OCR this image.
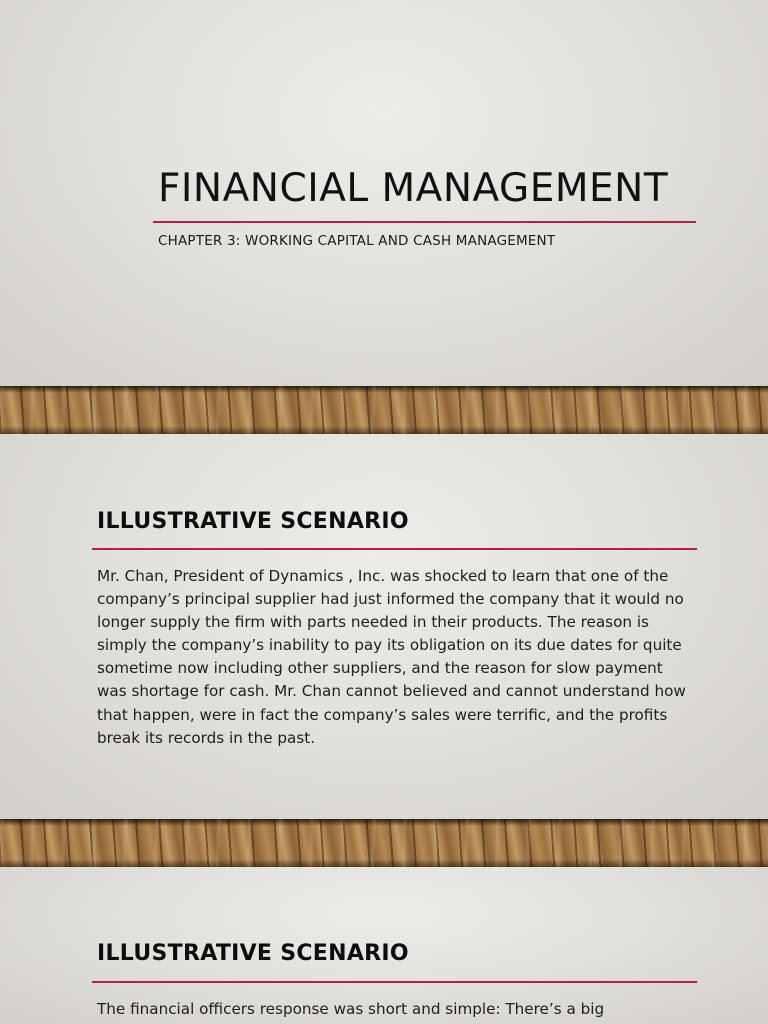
FINANCIAL MANAGEMENT

CHAPTER 3: WORKING CAPITAL AND CASH MANAGEMENT

ILLUSTRATIVE SCENARIO

Mr. Chan, President of Dynamics , Inc. was shocked to learn that one of the company’s principal supplier had just informed the company that it would no longer supply the firm with parts needed in their products. The reason is simply the company’s inability to pay its obligation on its due dates for quite sometime now including other suppliers, and the reason for slow payment was shortage for cash. Mr. Chan cannot believed and cannot understand how that happen, were in fact the company’s sales were terrific, and the profits break its records in the past.

ILLUSTRATIVE SCENARIO

The financial officers response was short and simple: There’s a big
